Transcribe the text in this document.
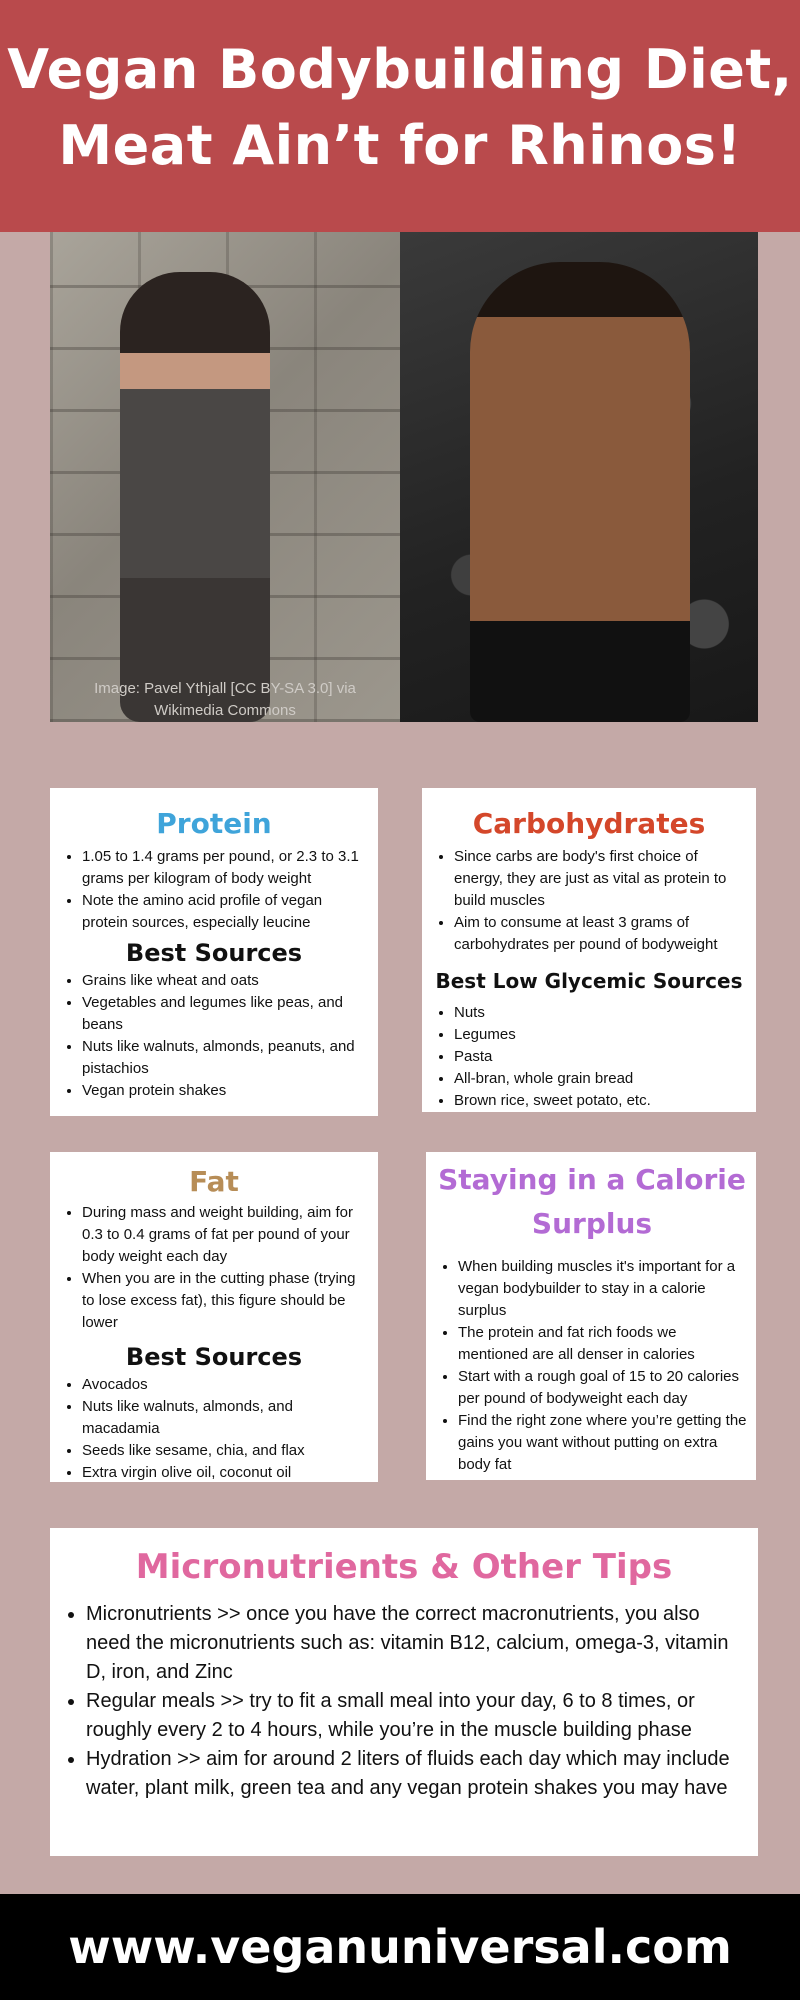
Vegan Bodybuilding Diet,
Meat Ain’t for Rhinos!
Image: Pavel Ythjall [CC BY-SA 3.0] via
Wikimedia Commons
Protein
• 1.05 to 1.4 grams per pound, or 2.3 to 3.1 grams per kilogram of body weight
• Note the amino acid profile of vegan protein sources, especially leucine
Best Sources
• Grains like wheat and oats
• Vegetables and legumes like peas, and beans
• Nuts like walnuts, almonds, peanuts, and pistachios
• Vegan protein shakes
Carbohydrates
• Since carbs are body's first choice of energy, they are just as vital as protein to build muscles
• Aim to consume at least 3 grams of carbohydrates per pound of bodyweight
Best Low Glycemic Sources
• Nuts
• Legumes
• Pasta
• All-bran, whole grain bread
• Brown rice, sweet potato, etc.
Fat
• During mass and weight building, aim for 0.3 to 0.4 grams of fat per pound of your body weight each day
• When you are in the cutting phase (trying to lose excess fat), this figure should be lower
Best Sources
• Avocados
• Nuts like walnuts, almonds, and macadamia
• Seeds like sesame, chia, and flax
• Extra virgin olive oil, coconut oil
Staying in a Calorie
Surplus
• When building muscles it's important for a vegan bodybuilder to stay in a calorie surplus
• The protein and fat rich foods we mentioned are all denser in calories
• Start with a rough goal of 15 to 20 calories per pound of bodyweight each day
• Find the right zone where you’re getting the gains you want without putting on extra body fat
Micronutrients & Other Tips
• Micronutrients >> once you have the correct macronutrients, you also need the micronutrients such as: vitamin B12, calcium, omega-3, vitamin D, iron, and Zinc
• Regular meals >> try to fit a small meal into your day, 6 to 8 times, or roughly every 2 to 4 hours, while you’re in the muscle building phase
• Hydration >> aim for around 2 liters of fluids each day which may include water, plant milk, green tea and any vegan protein shakes you may have
www.veganuniversal.com
